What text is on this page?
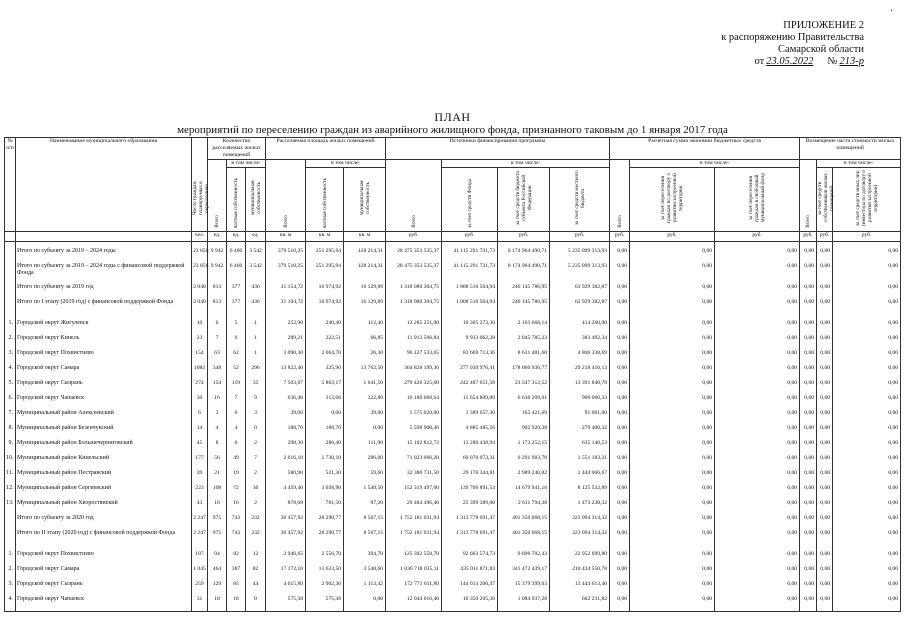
·
ПРИЛОЖЕНИЕ 2
к распоряжению Правительства
Самарской области
от 23.05.2022 № 213-р
ПЛАН
мероприятий по переселению граждан из аварийного жилищного фонда, признанного таковым до 1 января 2017 года
№ п/п	Наименование муниципального образования	Число граждан, планируемых к переселению	Количество расселяемых жилых помещений			Расселяемая площадь жилых помещений			Источники финансирования программы				Расчетная сумма экономии бюджетных средств			Возмещение части стоимости жилых помещений		
			Всего	в том числе:		Всего	в том числе:		Всего	в том числе:			Всего	в том числе:		Всего	в том числе:	
				частная собственность	муниципальная собственность		частная собственность	муниципальная собственность		за счет средств Фонда	за счет средств бюджета субъекта Российской Федерации	за счет средств местного бюджета		за счет переселения граждан по договору о развитии застроенной территории	за счет переселения граждан в свободный муниципальный фонд		за счет средств собственников жилых помещений	за счет средств иных лиц (инвестора по договору о развитии застроенной территории)
		чел.	ед.	ед.	ед.	кв. м	кв. м	кв. м	руб.	руб.	руб.	руб.	руб.	руб.	руб.	руб.	руб.	руб.

	Итого по субъекту за 2019 – 2024 годы	23 856	9 942	6 400	3 542	379 510,25	251 295,94	128 214,31	28 475 353 535,37	41 115 291 731,73	8 174 964 490,71	5 235 099 313,93	0,00	0,00	0,00	0,00	0,00	0,00
	Итого по субъекту за 2019 – 2024 годы с финансовой поддержкой Фонда	23 856	9 942	6 400	3 542	379 510,25	251 295,94	128 214,31	28 475 353 535,37	41 115 291 731,73	8 174 964 490,71	5 235 099 313,93	0,00	0,00	0,00	0,00	0,00	0,00
	Итого по субъекту за 2019 год	2 040	813	377	436	31 154,72	16 974,92	16 129,89	1 318 080 304,75	1 008 510 564,94	246 145 786,95	63 929 382,87	0,00	0,00	0,00	0,00	0,00	0,00
	Итого по I этапу (2019 год) с финансовой поддержкой Фонда	2 040	813	377	436	31 104,72	16 974,92	16 129,89	1 318 080 304,75	1 008 510 564,94	246 145 786,95	63 929 382,87	0,00	0,00	0,00	0,00	0,00	0,00
1.	Городской округ Жигулевск	10	6	5	1	252,90	240,40	112,40	12 285 251,00	10 305 273,30	2 163 668,14	414 260,00	0,00	0,00	0,00	0,00	0,00	0,00
2.	Городской округ Кинель	23	7	6	1	289,21	222,51	66,85	11 913 566,84	9 933 062,28	2 045 785,23	383 492,34	0,00	0,00	0,00	0,00	0,00	0,00
3.	Городской округ Похвистнево	154	63	62	1	3 090,30	3 064,70	26,30	96 127 533,65	83 669 713,36	8 631 481,60	4 806 338,69	0,00	0,00	0,00	0,00	0,00	0,00
4.	Городской округ Самара	1082	348	52	296	13 822,40	325,90	13 762,50	364 828 199,36	277 030 976,41	178 060 936,77	29 218 416,13	0,00	0,00	0,00	0,00	0,00	0,00
5.	Городской округ Сызрань	274	154	119	35	7 503,67	5 863,17	1 641,50	279 426 325,60	242 487 651,58	23 547 312,52	13 391 840,78	0,00	0,00	0,00	0,00	0,00	0,00
6.	Городской округ Чапаевск	30	16	7	9	636,46	313,66	322,80	16 180 068,64	15 654 809,00	6 636 209,01	909 060,33	0,00	0,00	0,00	0,00	0,00	0,00
7.	Муниципальный район Алексеевский	6	3	0	3	39,00	0,00	39,00	1 575 020,00	1 389 657,30	165 421,69	91 001,00	0,00	0,00	0,00	0,00	0,00	0,00
8.	Муниципальный район Безенчукский	14	4	4	0	188,70	188,70	0,00	5 598 900,46	4 885 485,56	902 920,38	279 400,32	0,00	0,00	0,00	0,00	0,00	0,00
9.	Муниципальный район Большечерниговский	45	8	6	2	298,30	286,40	111,90	15 102 812,72	13 280 438,94	1 173 252,15	635 140,53	0,00	0,00	0,00	0,00	0,00	0,00
10.	Муниципальный район Кинельский	177	56	49	7	2 016,10	1 730,10	286,00	71 023 066,20	60 070 073,31	6 291 983,78	1 551 183,21	0,00	0,00	0,00	0,00	0,00	0,00
11.	Муниципальный район Пестравский	39	21	19	2	580,90	521,30	59,60	32 380 731,50	29 176 344,81	2 989 240,82	1 444 066,67	0,00	0,00	0,00	0,00	0,00	0,00
12.	Муниципальный район Сергиевский	223	108	72	36	4 459,40	3 038,90	1 540,50	152 319 497,00	139 706 891,54	14 679 941,18	8 125 532,89	0,00	0,00	0,00	0,00	0,00	0,00
13.	Муниципальный район Хворостянский	43	16	16	2	878,68	781,50	97,20	29 484 496,40	25 399 389,00	2 611 794,38	1 473 230,32	0,00	0,00	0,00	0,00	0,00	0,00
	Итого по субъекту за 2020 год	2 247	975	743	232	36 457,92	28 290,77	8 567,15	1 752 181 031,94	1 313 778 691,47	401 350 068,15	323 094 314,32	0,00	0,00	0,00	0,00	0,00	0,00
	Итого по II этапу (2020 год) с финансовой поддержкой Фонда	2 247	975	743	232	36 457,92	28 290,77	8 567,15	1 752 181 031,94	1 313 778 691,47	401 350 068,15	323 094 314,32	0,00	0,00	0,00	0,00	0,00	0,00
1.	Городской округ Похвистнево	187	94	82	12	2 946,65	2 556,70	394,70	125 302 558,70	92 663 574,73	9 696 702,43	22 952 699,80	0,00	0,00	0,00	0,00	0,00	0,00
2.	Городской округ Самара	1 045	464	387	82	17 172,10	13 633,50	3 548,60	1 030 718 035,11	435 011 871,83	341 472 439,17	210 434 550,78	0,00	0,00	0,00	0,00	0,00	0,00
3.	Городской округ Сызрань	259	129	85	44	4 015,80	2 902,36	1 113,42	172 771 611,80	144 013 200,47	15 379 399,03	13 444 613,40	0,00	0,00	0,00	0,00	0,00	0,00
4.	Городской округ Чапаевск	31	18	18	0	575,38	575,38	0,00	12 044 616,40	10 350 205,30	1 084 937,28	602 231,82	0,00	0,00	0,00	0,00	0,00	0,00
